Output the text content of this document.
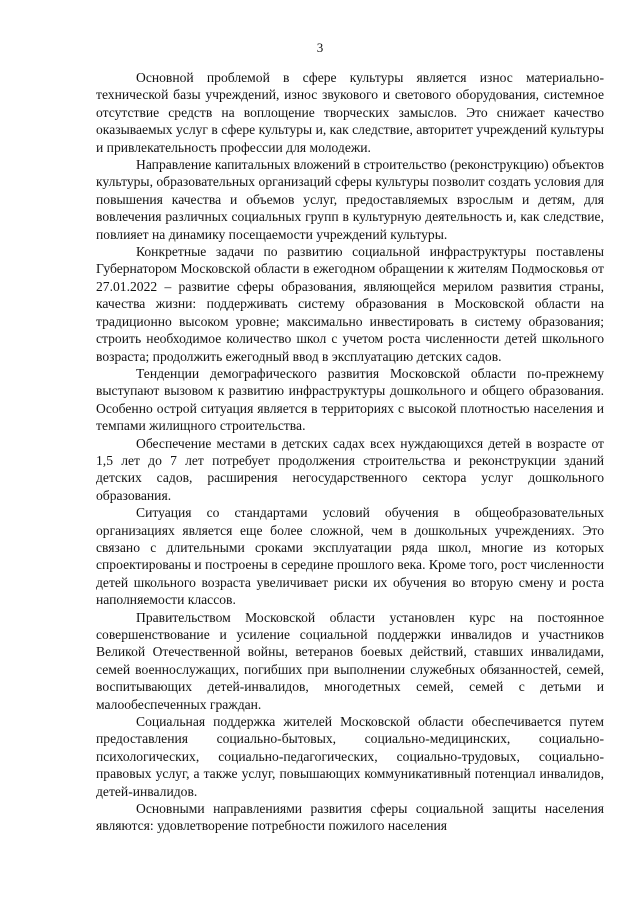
3

Основной проблемой в сфере культуры является износ материально-технической базы учреждений, износ звукового и светового оборудования, системное отсутствие средств на воплощение творческих замыслов. Это снижает качество оказываемых услуг в сфере культуры и, как следствие, авторитет учреждений культуры и привлекательность профессии для молодежи.

Направление капитальных вложений в строительство (реконструкцию) объектов культуры, образовательных организаций сферы культуры позволит создать условия для повышения качества и объемов услуг, предоставляемых взрослым и детям, для вовлечения различных социальных групп в культурную деятельность и, как следствие, повлияет на динамику посещаемости учреждений культуры.

Конкретные задачи по развитию социальной инфраструктуры поставлены Губернатором Московской области в ежегодном обращении к жителям Подмосковья от 27.01.2022 – развитие сферы образования, являющейся мерилом развития страны, качества жизни: поддерживать систему образования в Московской области на традиционно высоком уровне; максимально инвестировать в систему образования; строить необходимое количество школ с учетом роста численности детей школьного возраста; продолжить ежегодный ввод в эксплуатацию детских садов.

Тенденции демографического развития Московской области по-прежнему выступают вызовом к развитию инфраструктуры дошкольного и общего образования. Особенно острой ситуация является в территориях с высокой плотностью населения и темпами жилищного строительства.

Обеспечение местами в детских садах всех нуждающихся детей в возрасте от 1,5 лет до 7 лет потребует продолжения строительства и реконструкции зданий детских садов, расширения негосударственного сектора услуг дошкольного образования.

Ситуация со стандартами условий обучения в общеобразовательных организациях является еще более сложной, чем в дошкольных учреждениях. Это связано с длительными сроками эксплуатации ряда школ, многие из которых спроектированы и построены в середине прошлого века. Кроме того, рост численности детей школьного возраста увеличивает риски их обучения во вторую смену и роста наполняемости классов.

Правительством Московской области установлен курс на постоянное совершенствование и усиление социальной поддержки инвалидов и участников Великой Отечественной войны, ветеранов боевых действий, ставших инвалидами, семей военнослужащих, погибших при выполнении служебных обязанностей, семей, воспитывающих детей-инвалидов, многодетных семей, семей с детьми и малообеспеченных граждан.

Социальная поддержка жителей Московской области обеспечивается путем предоставления социально-бытовых, социально-медицинских, социально-психологических, социально-педагогических, социально-трудовых, социально-правовых услуг, а также услуг, повышающих коммуникативный потенциал инвалидов, детей-инвалидов.

Основными направлениями развития сферы социальной защиты населения являются: удовлетворение потребности пожилого населения
